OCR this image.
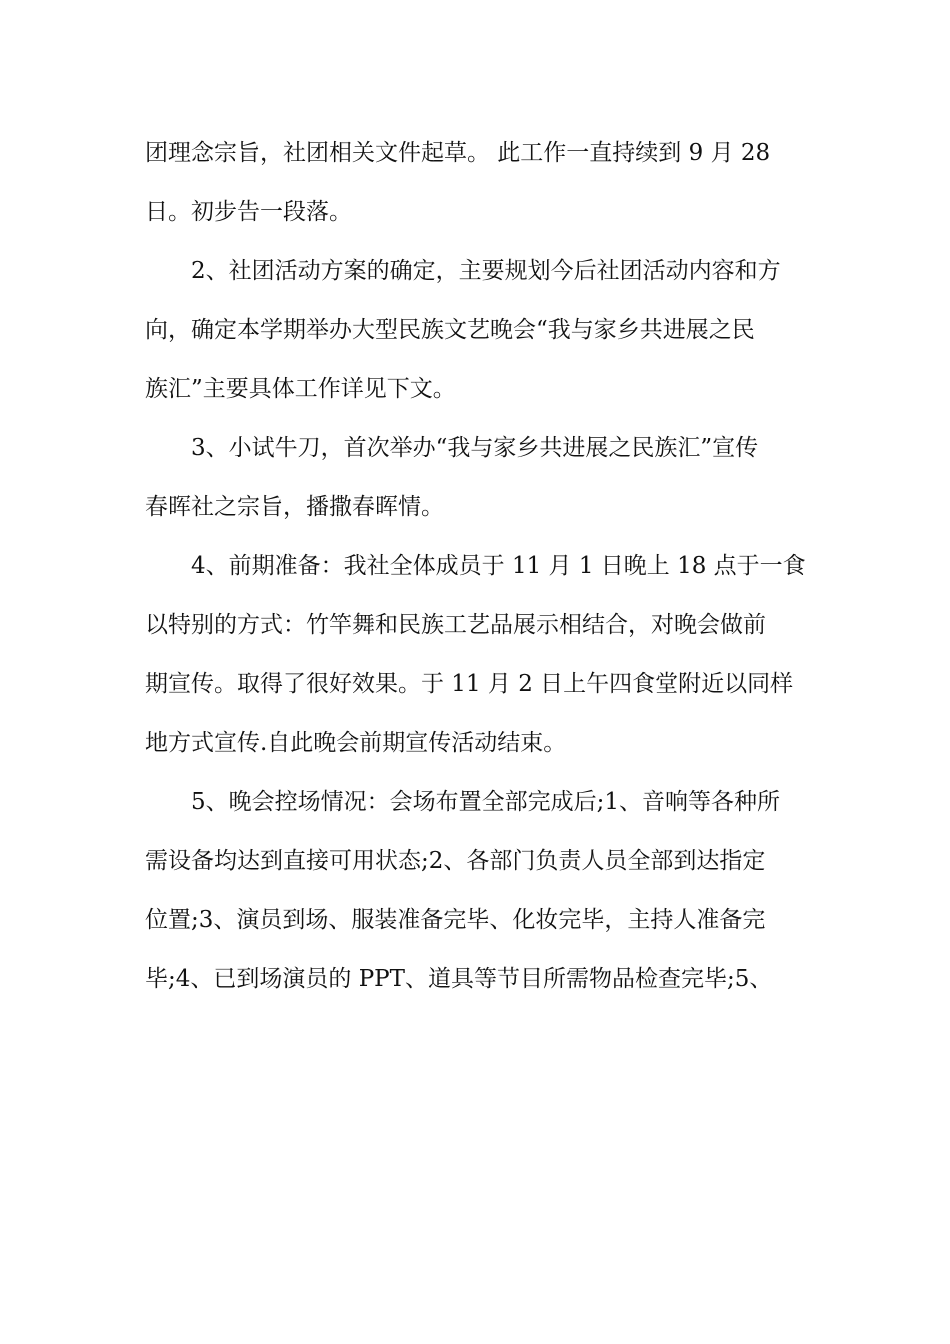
团理念宗旨，社团相关文件起草。 此工作一直持续到 9 月 28
日。初步告一段落。
2、社团活动方案的确定，主要规划今后社团活动内容和方
向，确定本学期举办大型民族文艺晚会“我与家乡共进展之民
族汇”主要具体工作详见下文。
3、小试牛刀，首次举办“我与家乡共进展之民族汇”宣传
春晖社之宗旨，播撒春晖情。
4、前期准备：我社全体成员于 11 月 1 日晚上 18 点于一食
以特别的方式：竹竿舞和民族工艺品展示相结合，对晚会做前
期宣传。取得了很好效果。于 11 月 2 日上午四食堂附近以同样
地方式宣传.自此晚会前期宣传活动结束。
5、晚会控场情况：会场布置全部完成后;1、音响等各种所
需设备均达到直接可用状态;2、各部门负责人员全部到达指定
位置;3、演员到场、服装准备完毕、化妆完毕，主持人准备完
毕;4、已到场演员的 PPT、道具等节目所需物品检查完毕;5、
